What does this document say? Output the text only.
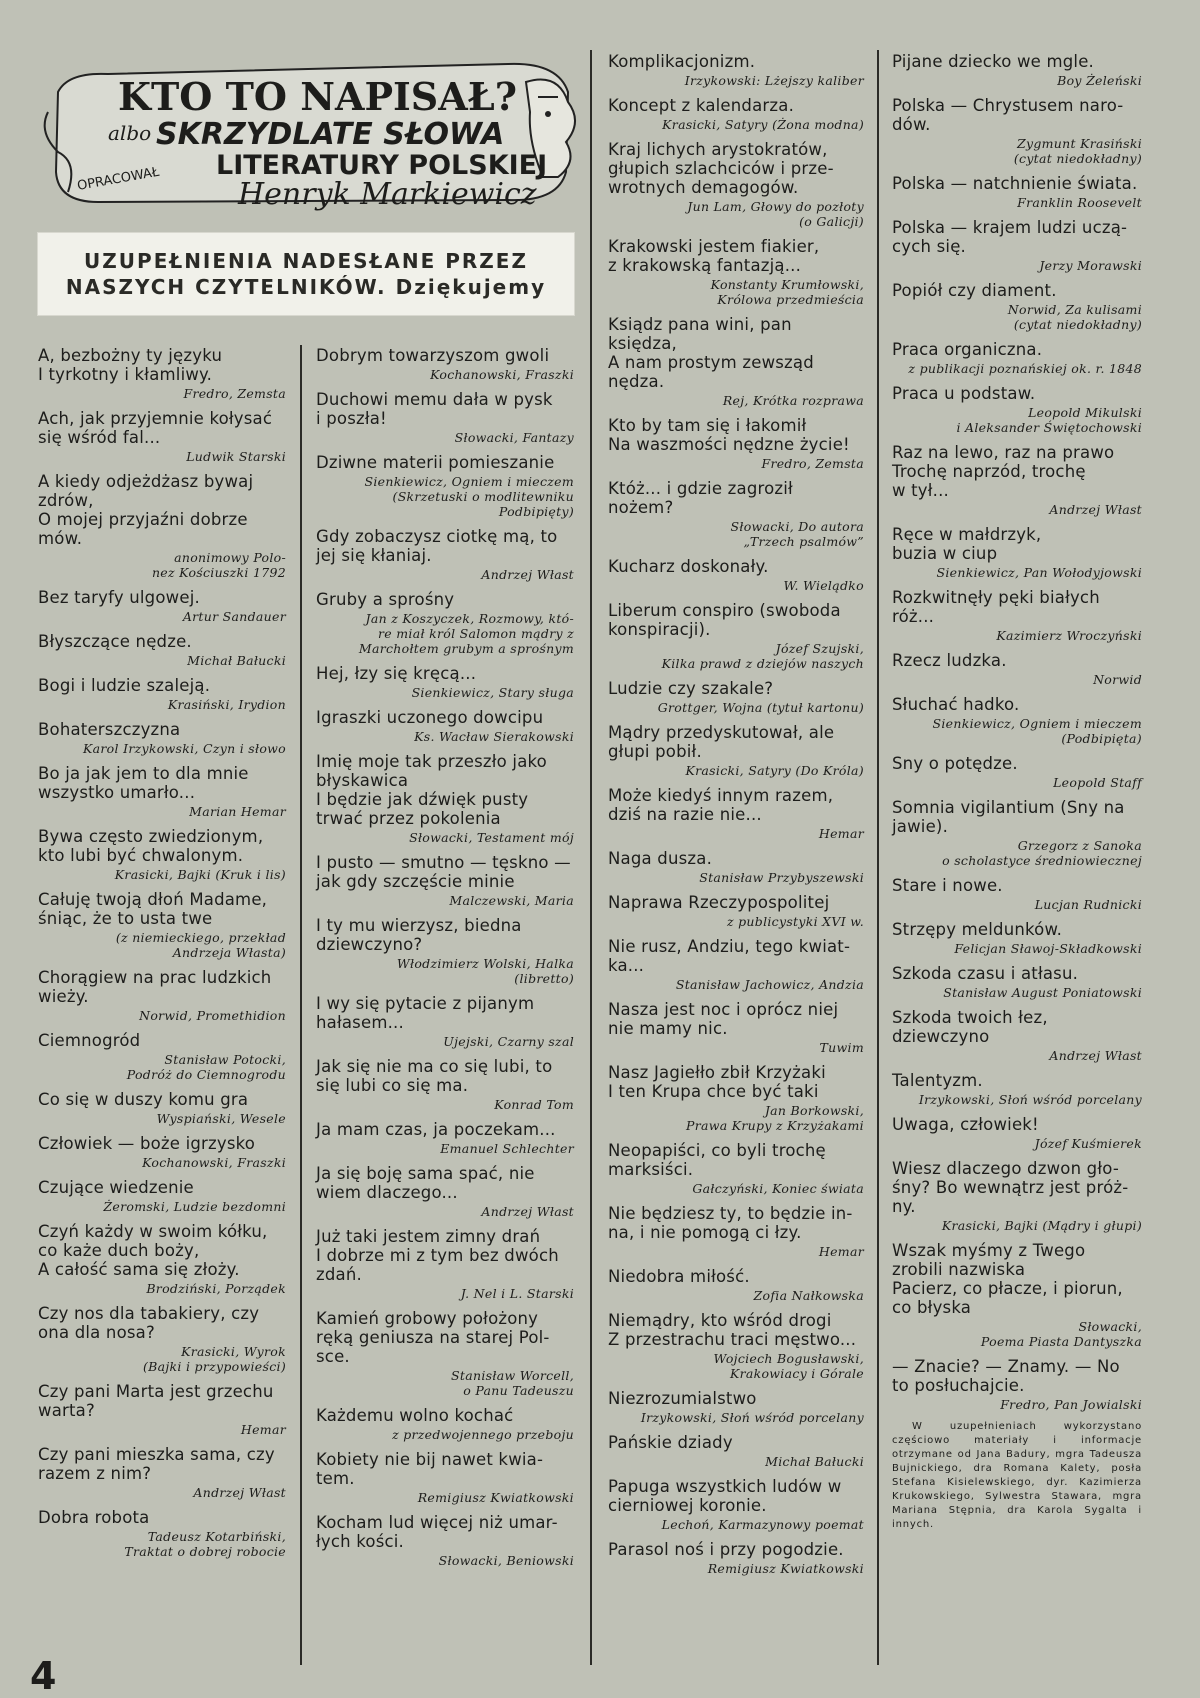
KTO TO NAPISAŁ?
albo SKRZYDLATE SŁOWA
LITERATURY POLSKIEJ
OPRACOWAŁ	Henryk Markiewicz
UZUPEŁNIENIA NADESŁANE PRZEZ
NASZYCH CZYTELNIKÓW. Dziękujemy
A, bezbożny ty języku
I tyrkotny i kłamliwy.
Fredro, Zemsta
Ach, jak przyjemnie kołysać
się wśród fal...
Ludwik Starski
A kiedy odjeżdżasz bywaj
zdrów,
O mojej przyjaźni dobrze
mów.
anonimowy Polo-
nez Kościuszki 1792
Bez taryfy ulgowej.
Artur Sandauer
Błyszczące nędze.
Michał Bałucki
Bogi i ludzie szaleją.
Krasiński, Irydion
Bohaterszczyzna
Karol Irzykowski, Czyn i słowo
Bo ja jak jem to dla mnie
wszystko umarło...
Marian Hemar
Bywa często zwiedzionym,
kto lubi być chwalonym.
Krasicki, Bajki (Kruk i lis)
Całuję twoją dłoń Madame,
śniąc, że to usta twe
(z niemieckiego, przekład
Andrzeja Własta)
Chorągiew na prac ludzkich
wieży.
Norwid, Promethidion
Ciemnogród
Stanisław Potocki,
Podróż do Ciemnogrodu
Co się w duszy komu gra
Wyspiański, Wesele
Człowiek — boże igrzysko
Kochanowski, Fraszki
Czujące wiedzenie
Żeromski, Ludzie bezdomni
Czyń każdy w swoim kółku,
co każe duch boży,
A całość sama się złoży.
Brodziński, Porządek
Czy nos dla tabakiery, czy
ona dla nosa?
Krasicki, Wyrok
(Bajki i przypowieści)
Czy pani Marta jest grzechu
warta?
Hemar
Czy pani mieszka sama, czy
razem z nim?
Andrzej Włast
Dobra robota
Tadeusz Kotarbiński,
Traktat o dobrej robocie
Dobrym towarzyszom gwoli
Kochanowski, Fraszki
Duchowi memu dała w pysk
i poszła!
Słowacki, Fantazy
Dziwne materii pomieszanie
Sienkiewicz, Ogniem i mieczem
(Skrzetuski o modlitewniku
Podbipięty)
Gdy zobaczysz ciotkę mą, to
jej się kłaniaj.
Andrzej Włast
Gruby a sprośny
Jan z Koszyczek, Rozmowy, któ-
re miał król Salomon mądry z
Marchołtem grubym a sprośnym
Hej, łzy się kręcą...
Sienkiewicz, Stary sługa
Igraszki uczonego dowcipu
Ks. Wacław Sierakowski
Imię moje tak przeszło jako
błyskawica
I będzie jak dźwięk pusty
trwać przez pokolenia
Słowacki, Testament mój
I pusto — smutno — tęskno —
jak gdy szczęście minie
Malczewski, Maria
I ty mu wierzysz, biedna
dziewczyno?
Włodzimierz Wolski, Halka
(libretto)
I wy się pytacie z pijanym
hałasem...
Ujejski, Czarny szal
Jak się nie ma co się lubi, to
się lubi co się ma.
Konrad Tom
Ja mam czas, ja poczekam...
Emanuel Schlechter
Ja się boję sama spać, nie
wiem dlaczego...
Andrzej Włast
Już taki jestem zimny drań
I dobrze mi z tym bez dwóch
zdań.
J. Nel i L. Starski
Kamień grobowy położony
ręką geniusza na starej Pol-
sce.
Stanisław Worcell,
o Panu Tadeuszu
Każdemu wolno kochać
z przedwojennego przeboju
Kobiety nie bij nawet kwia-
tem.
Remigiusz Kwiatkowski
Kocham lud więcej niż umar-
łych kości.
Słowacki, Beniowski
Komplikacjonizm.
Irzykowski: Lżejszy kaliber
Koncept z kalendarza.
Krasicki, Satyry (Żona modna)
Kraj lichych arystokratów,
głupich szlachciców i prze-
wrotnych demagogów.
Jun Lam, Głowy do pozłoty
(o Galicji)
Krakowski jestem fiakier,
z krakowską fantazją...
Konstanty Krumłowski,
Królowa przedmieścia
Ksiądz pana wini, pan
księdza,
A nam prostym zewsząd
nędza.
Rej, Krótka rozprawa
Kto by tam się i łakomił
Na waszmości nędzne życie!
Fredro, Zemsta
Któż... i gdzie zagroził
nożem?
Słowacki, Do autora
„Trzech psalmów”
Kucharz doskonały.
W. Wielądko
Liberum conspiro (swoboda
konspiracji).
Józef Szujski,
Kilka prawd z dziejów naszych
Ludzie czy szakale?
Grottger, Wojna (tytuł kartonu)
Mądry przedyskutował, ale
głupi pobił.
Krasicki, Satyry (Do Króla)
Może kiedyś innym razem,
dziś na razie nie...
Hemar
Naga dusza.
Stanisław Przybyszewski
Naprawa Rzeczypospolitej
z publicystyki XVI w.
Nie rusz, Andziu, tego kwiat-
ka...
Stanisław Jachowicz, Andzia
Nasza jest noc i oprócz niej
nie mamy nic.
Tuwim
Nasz Jagiełło zbił Krzyżaki
I ten Krupa chce być taki
Jan Borkowski,
Prawa Krupy z Krzyżakami
Neopapiści, co byli trochę
marksiści.
Gałczyński, Koniec świata
Nie będziesz ty, to będzie in-
na, i nie pomogą ci łzy.
Hemar
Niedobra miłość.
Zofia Nałkowska
Niemądry, kto wśród drogi
Z przestrachu traci męstwo...
Wojciech Bogusławski,
Krakowiacy i Górale
Niezrozumialstwo
Irzykowski, Słoń wśród porcelany
Pańskie dziady
Michał Bałucki
Papuga wszystkich ludów w
cierniowej koronie.
Lechoń, Karmazynowy poemat
Parasol noś i przy pogodzie.
Remigiusz Kwiatkowski
Pijane dziecko we mgle.
Boy Żeleński
Polska — Chrystusem naro-
dów.
Zygmunt Krasiński
(cytat niedokładny)
Polska — natchnienie świata.
Franklin Roosevelt
Polska — krajem ludzi uczą-
cych się.
Jerzy Morawski
Popiół czy diament.
Norwid, Za kulisami
(cytat niedokładny)
Praca organiczna.
z publikacji poznańskiej ok. r. 1848
Praca u podstaw.
Leopold Mikulski
i Aleksander Świętochowski
Raz na lewo, raz na prawo
Trochę naprzód, trochę
w tył...
Andrzej Włast
Ręce w małdrzyk,
buzia w ciup
Sienkiewicz, Pan Wołodyjowski
Rozkwitnęły pęki białych
róż...
Kazimierz Wroczyński
Rzecz ludzka.
Norwid
Słuchać hadko.
Sienkiewicz, Ogniem i mieczem
(Podbipięta)
Sny o potędze.
Leopold Staff
Somnia vigilantium (Sny na
jawie).
Grzegorz z Sanoka
o scholastyce średniowiecznej
Stare i nowe.
Lucjan Rudnicki
Strzępy meldunków.
Felicjan Sławoj-Składkowski
Szkoda czasu i atłasu.
Stanisław August Poniatowski
Szkoda twoich łez,
dziewczyno
Andrzej Włast
Talentyzm.
Irzykowski, Słoń wśród porcelany
Uwaga, człowiek!
Józef Kuśmierek
Wiesz dlaczego dzwon gło-
śny? Bo wewnątrz jest próż-
ny.
Krasicki, Bajki (Mądry i głupi)
Wszak myśmy z Twego
zrobili nazwiska
Pacierz, co płacze, i piorun,
co błyska
Słowacki,
Poema Piasta Dantyszka
— Znacie? — Znamy. — No
to posłuchajcie.
Fredro, Pan Jowialski
W uzupełnieniach wykorzystano częściowo materiały i informacje otrzymane od Jana Badury, mgra Tadeusza Bujnickiego, dra Romana Kalety, posła Stefana Kisielewskiego, dyr. Kazimierza Krukowskiego, Sylwestra Stawara, mgra Mariana Stępnia, dra Karola Sygalta i innych.
4
